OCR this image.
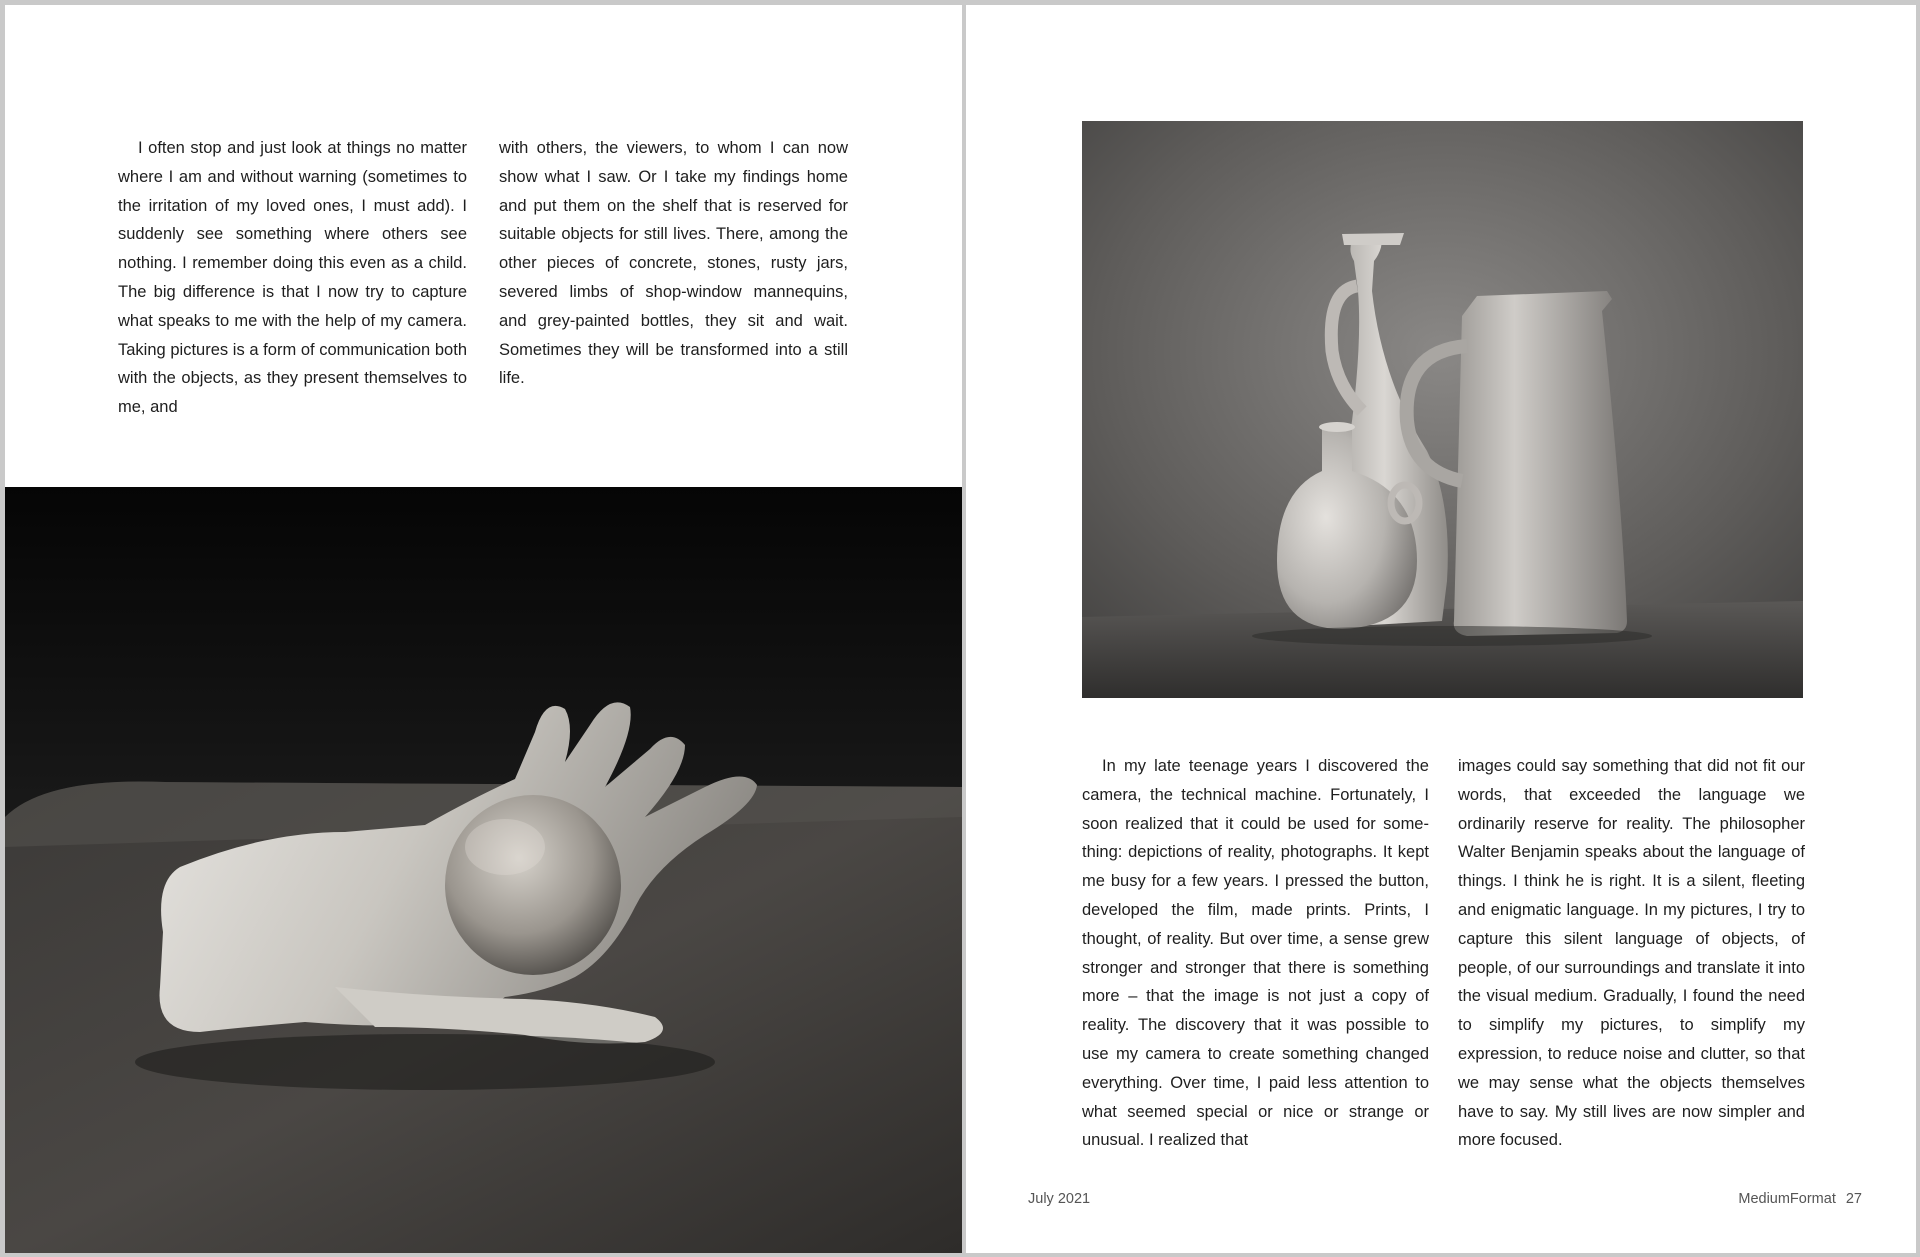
I often stop and just look at things no matter where I am and without warning (sometimes to the irritation of my loved ones, I must add). I suddenly see something where others see nothing. I remember doing this even as a child. The big difference is that I now try to capture what speaks to me with the help of my camera. Taking pictures is a form of communication both with the objects, as they present themselves to me, and

with others, the viewers, to whom I can now show what I saw. Or I take my findings home and put them on the shelf that is reserved for suitable objects for still lives. There, among the other pieces of concrete, stones, rusty jars, severed limbs of shop-window mannequins, and grey-painted bottles, they sit and wait. Sometimes they will be transformed into a still life.

In my late teenage years I discovered the camera, the technical machine. Fortunately, I soon realized that it could be used for something: depictions of reality, photographs. It kept me busy for a few years. I pressed the button, developed the film, made prints. Prints, I thought, of reality. But over time, a sense grew stronger and stronger that there is something more – that the image is not just a copy of reality. The discovery that it was possible to use my camera to create something changed everything. Over time, I paid less attention to what seemed special or nice or strange or unusual. I realized that

images could say something that did not fit our words, that exceeded the language we ordinarily reserve for reality. The philosopher Walter Benjamin speaks about the language of things. I think he is right. It is a silent, fleeting and enigmatic language. In my pictures, I try to capture this silent language of objects, of people, of our surroundings and translate it into the visual medium. Gradually, I found the need to simplify my pictures, to simplify my expression, to reduce noise and clutter, so that we may sense what the objects themselves have to say. My still lives are now simpler and more focused.

July 2021	MediumFormat 27
